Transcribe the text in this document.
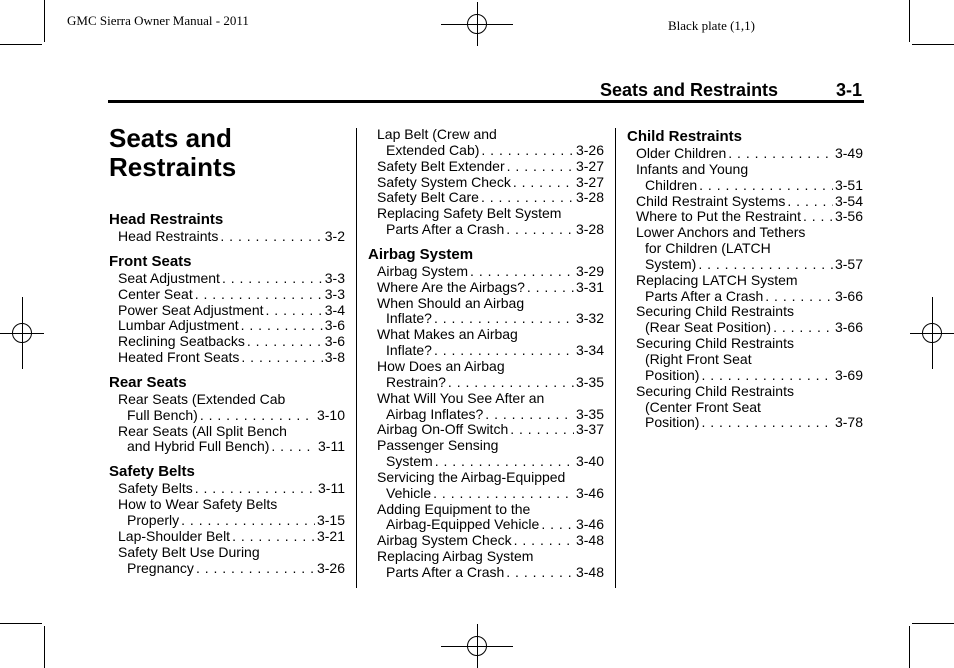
GMC Sierra Owner Manual - 2011	Black plate (1,1)
Seats and Restraints	3-1
Seats and Restraints
Head Restraints
Head Restraints . . .	3-2
Front Seats
Seat Adjustment . . .	3-3
Center Seat . . .	3-3
Power Seat Adjustment . . .	3-4
Lumbar Adjustment . . .	3-6
Reclining Seatbacks . . .	3-6
Heated Front Seats . . .	3-8
Rear Seats
Rear Seats (Extended Cab
Full Bench) . . .	3-10
Rear Seats (All Split Bench
and Hybrid Full Bench) . . .	3-11
Safety Belts
Safety Belts . . .	3-11
How to Wear Safety Belts
Properly . . .	3-15
Lap-Shoulder Belt . . .	3-21
Safety Belt Use During
Pregnancy . . .	3-26
Lap Belt (Crew and
Extended Cab) . . .	3-26
Safety Belt Extender . . .	3-27
Safety System Check . . .	3-27
Safety Belt Care . . .	3-28
Replacing Safety Belt System
Parts After a Crash . . .	3-28
Airbag System
Airbag System . . .	3-29
Where Are the Airbags? . . .	3-31
When Should an Airbag
Inflate? . . .	3-32
What Makes an Airbag
Inflate? . . .	3-34
How Does an Airbag
Restrain? . . .	3-35
What Will You See After an
Airbag Inflates? . . .	3-35
Airbag On-Off Switch . . .	3-37
Passenger Sensing
System . . .	3-40
Servicing the Airbag-Equipped
Vehicle . . .	3-46
Adding Equipment to the
Airbag-Equipped Vehicle . . .	3-46
Airbag System Check . . .	3-48
Replacing Airbag System
Parts After a Crash . . .	3-48
Child Restraints
Older Children . . .	3-49
Infants and Young
Children . . .	3-51
Child Restraint Systems . . .	3-54
Where to Put the Restraint . . . 3-56
Lower Anchors and Tethers
for Children (LATCH
System) . . .	3-57
Replacing LATCH System
Parts After a Crash . . .	3-66
Securing Child Restraints
(Rear Seat Position) . . .	3-66
Securing Child Restraints
(Right Front Seat
Position) . . .	3-69
Securing Child Restraints
(Center Front Seat
Position) . . .	3-78
